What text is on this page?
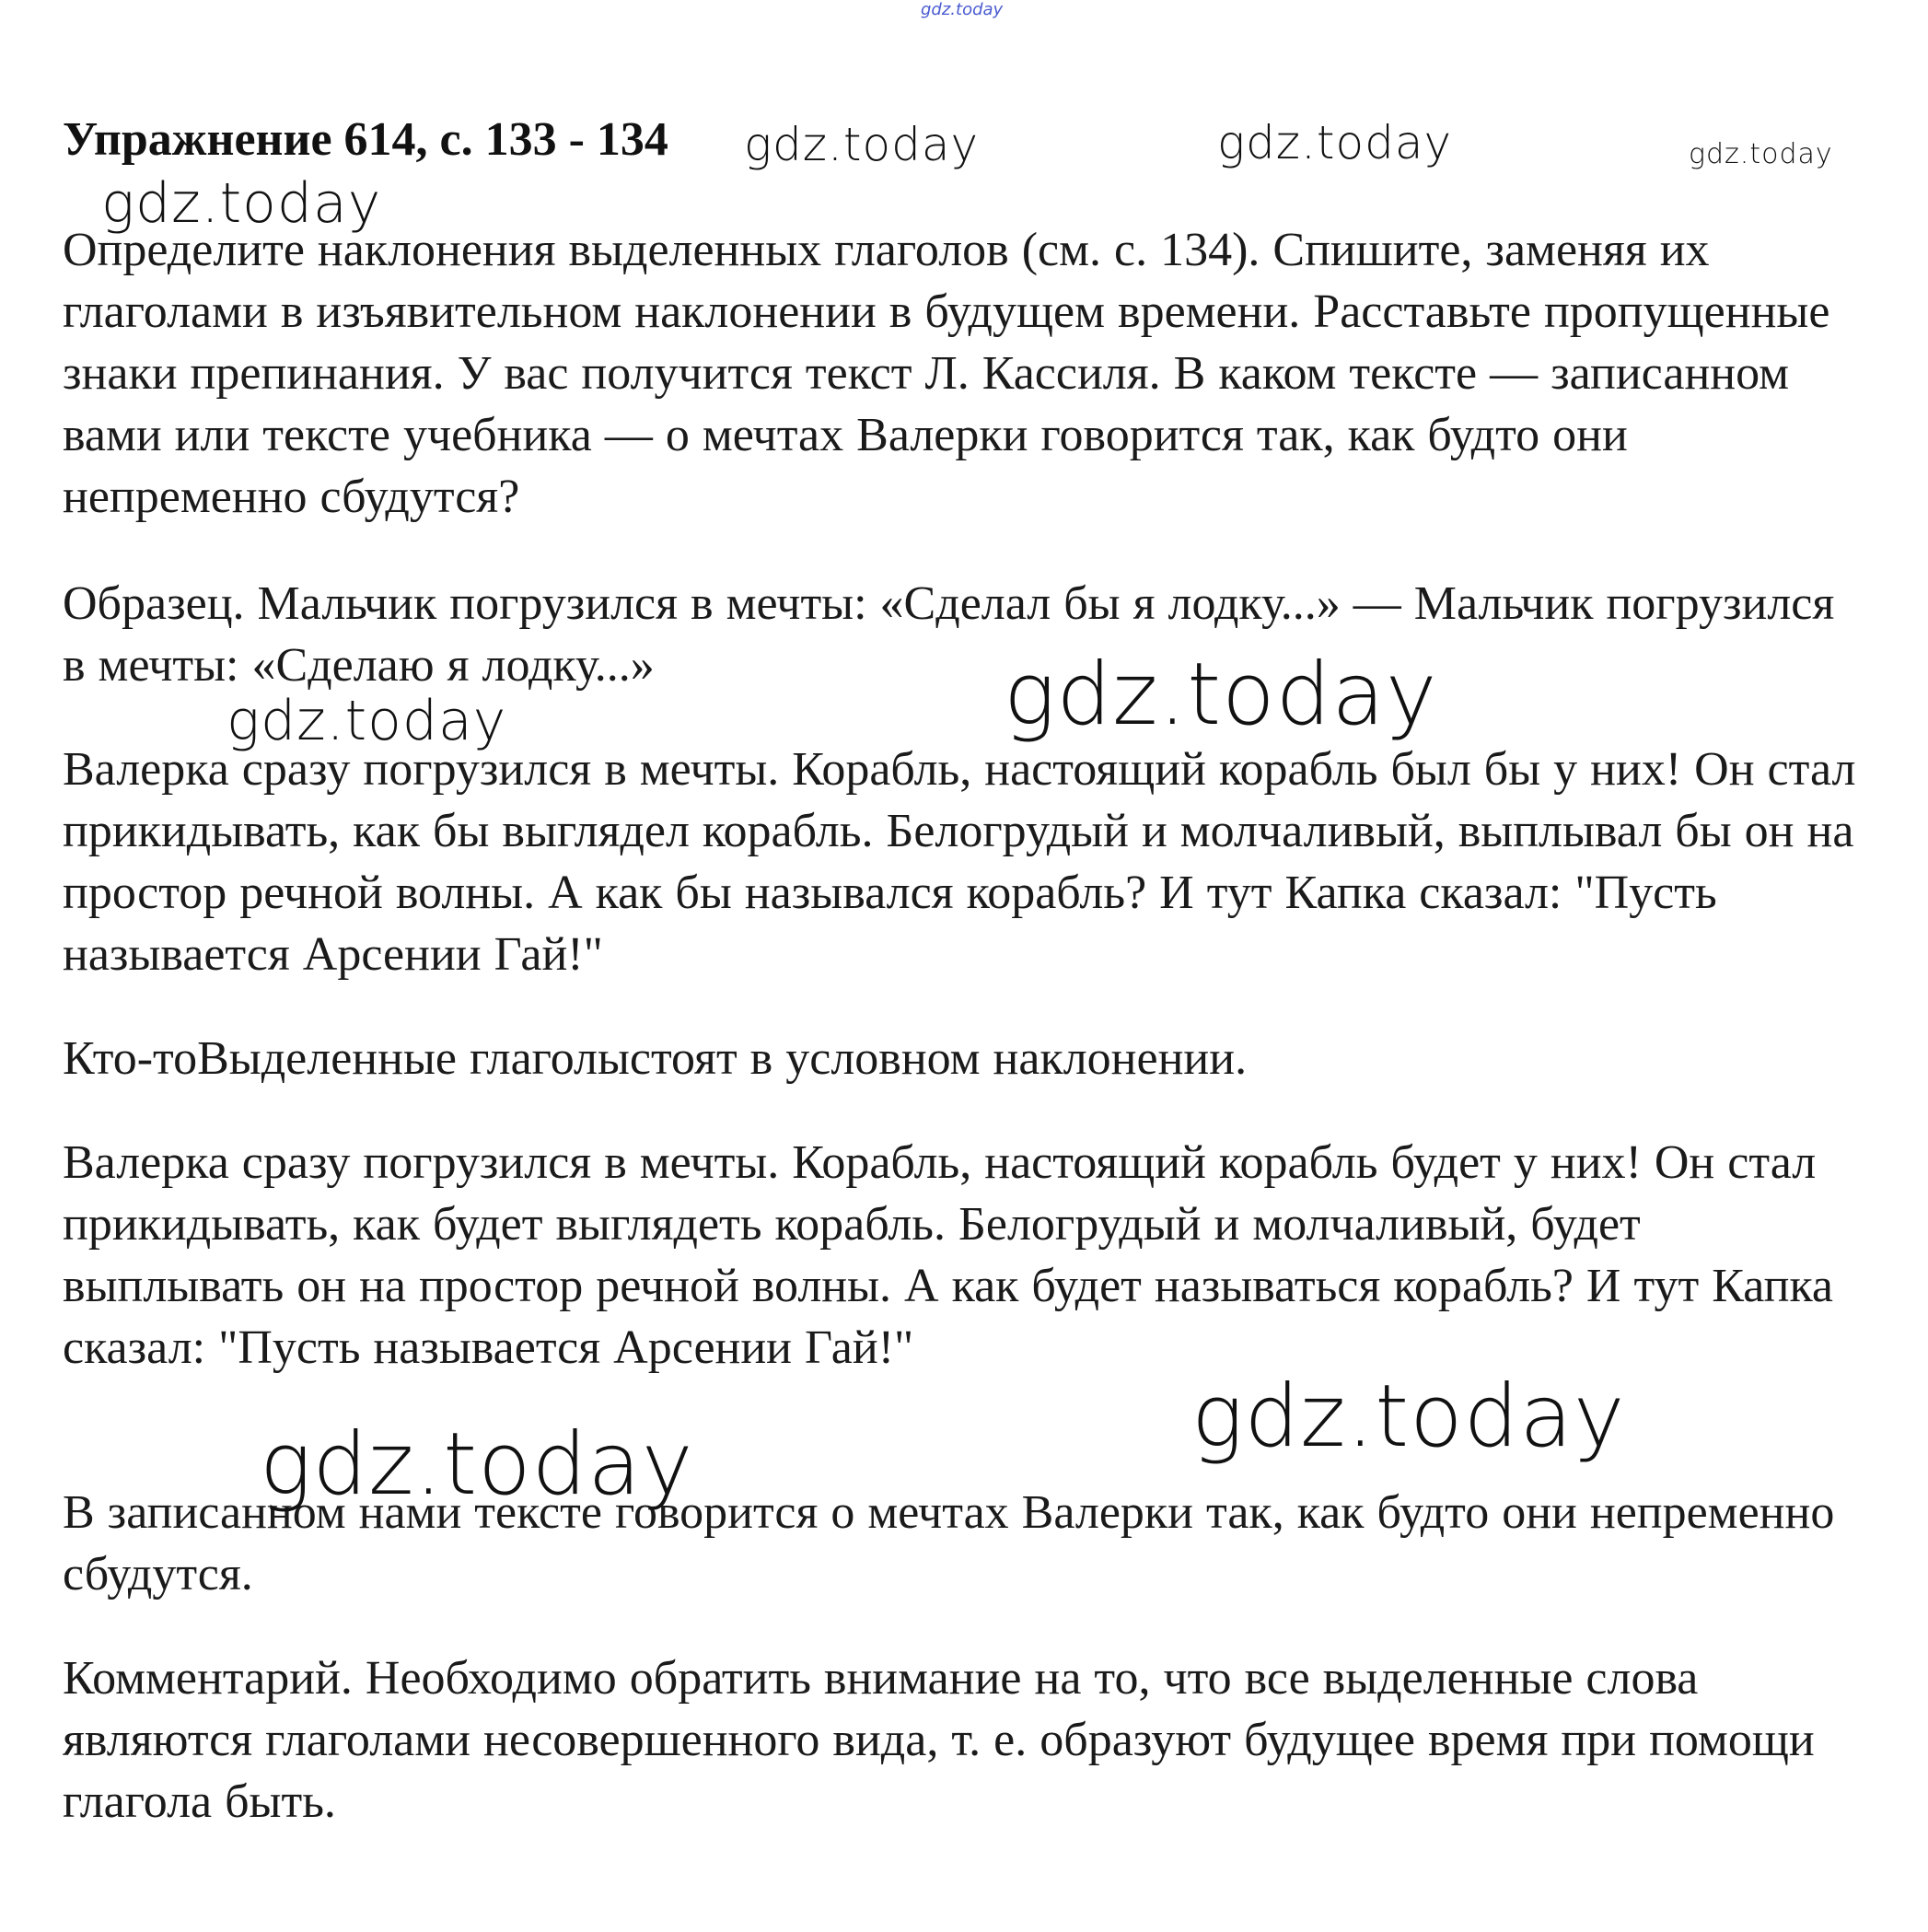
Упражнение 614, с. 133 - 134

Определите наклонения выделенных глаголов (см. с. 134). Спишите, заменяя их глаголами в изъявительном наклонении в будущем времени. Расставьте пропущенные знаки препинания. У вас получится текст Л. Кассиля. В каком тексте — записанном вами или тексте учебника — о мечтах Валерки говорится так, как будто они непременно сбудутся?

Образец. Мальчик погрузился в мечты: «Сделал бы я лодку...» — Мальчик погрузился в мечты: «Сделаю я лодку...»

Валерка сразу погрузился в мечты. Корабль, настоящий корабль был бы у них! Он стал прикидывать, как бы выглядел корабль. Белогрудый и молчаливый, выплывал бы он на простор речной волны. А как бы назывался корабль? И тут Капка сказал: "Пусть называется Арсении Гай!"

Кто-тоВыделенные глаголыстоят в условном наклонении.

Валерка сразу погрузился в мечты. Корабль, настоящий корабль будет у них! Он стал прикидывать, как будет выглядеть корабль. Белогрудый и молчаливый, будет выплывать он на простор речной волны. А как будет называться корабль? И тут Капка сказал: "Пусть называется Арсении Гай!"

В записанном нами тексте говорится о мечтах Валерки так, как будто они непременно сбудутся.

Комментарий. Необходимо обратить внимание на то, что все выделенные слова являются глаголами несовершенного вида, т. е. образуют будущее время при помощи глагола быть.

gdz.today
gdz.today	gdz.today	gdz.today
gdz.today
gdz.today
gdz.today
gdz.today
gdz.today
